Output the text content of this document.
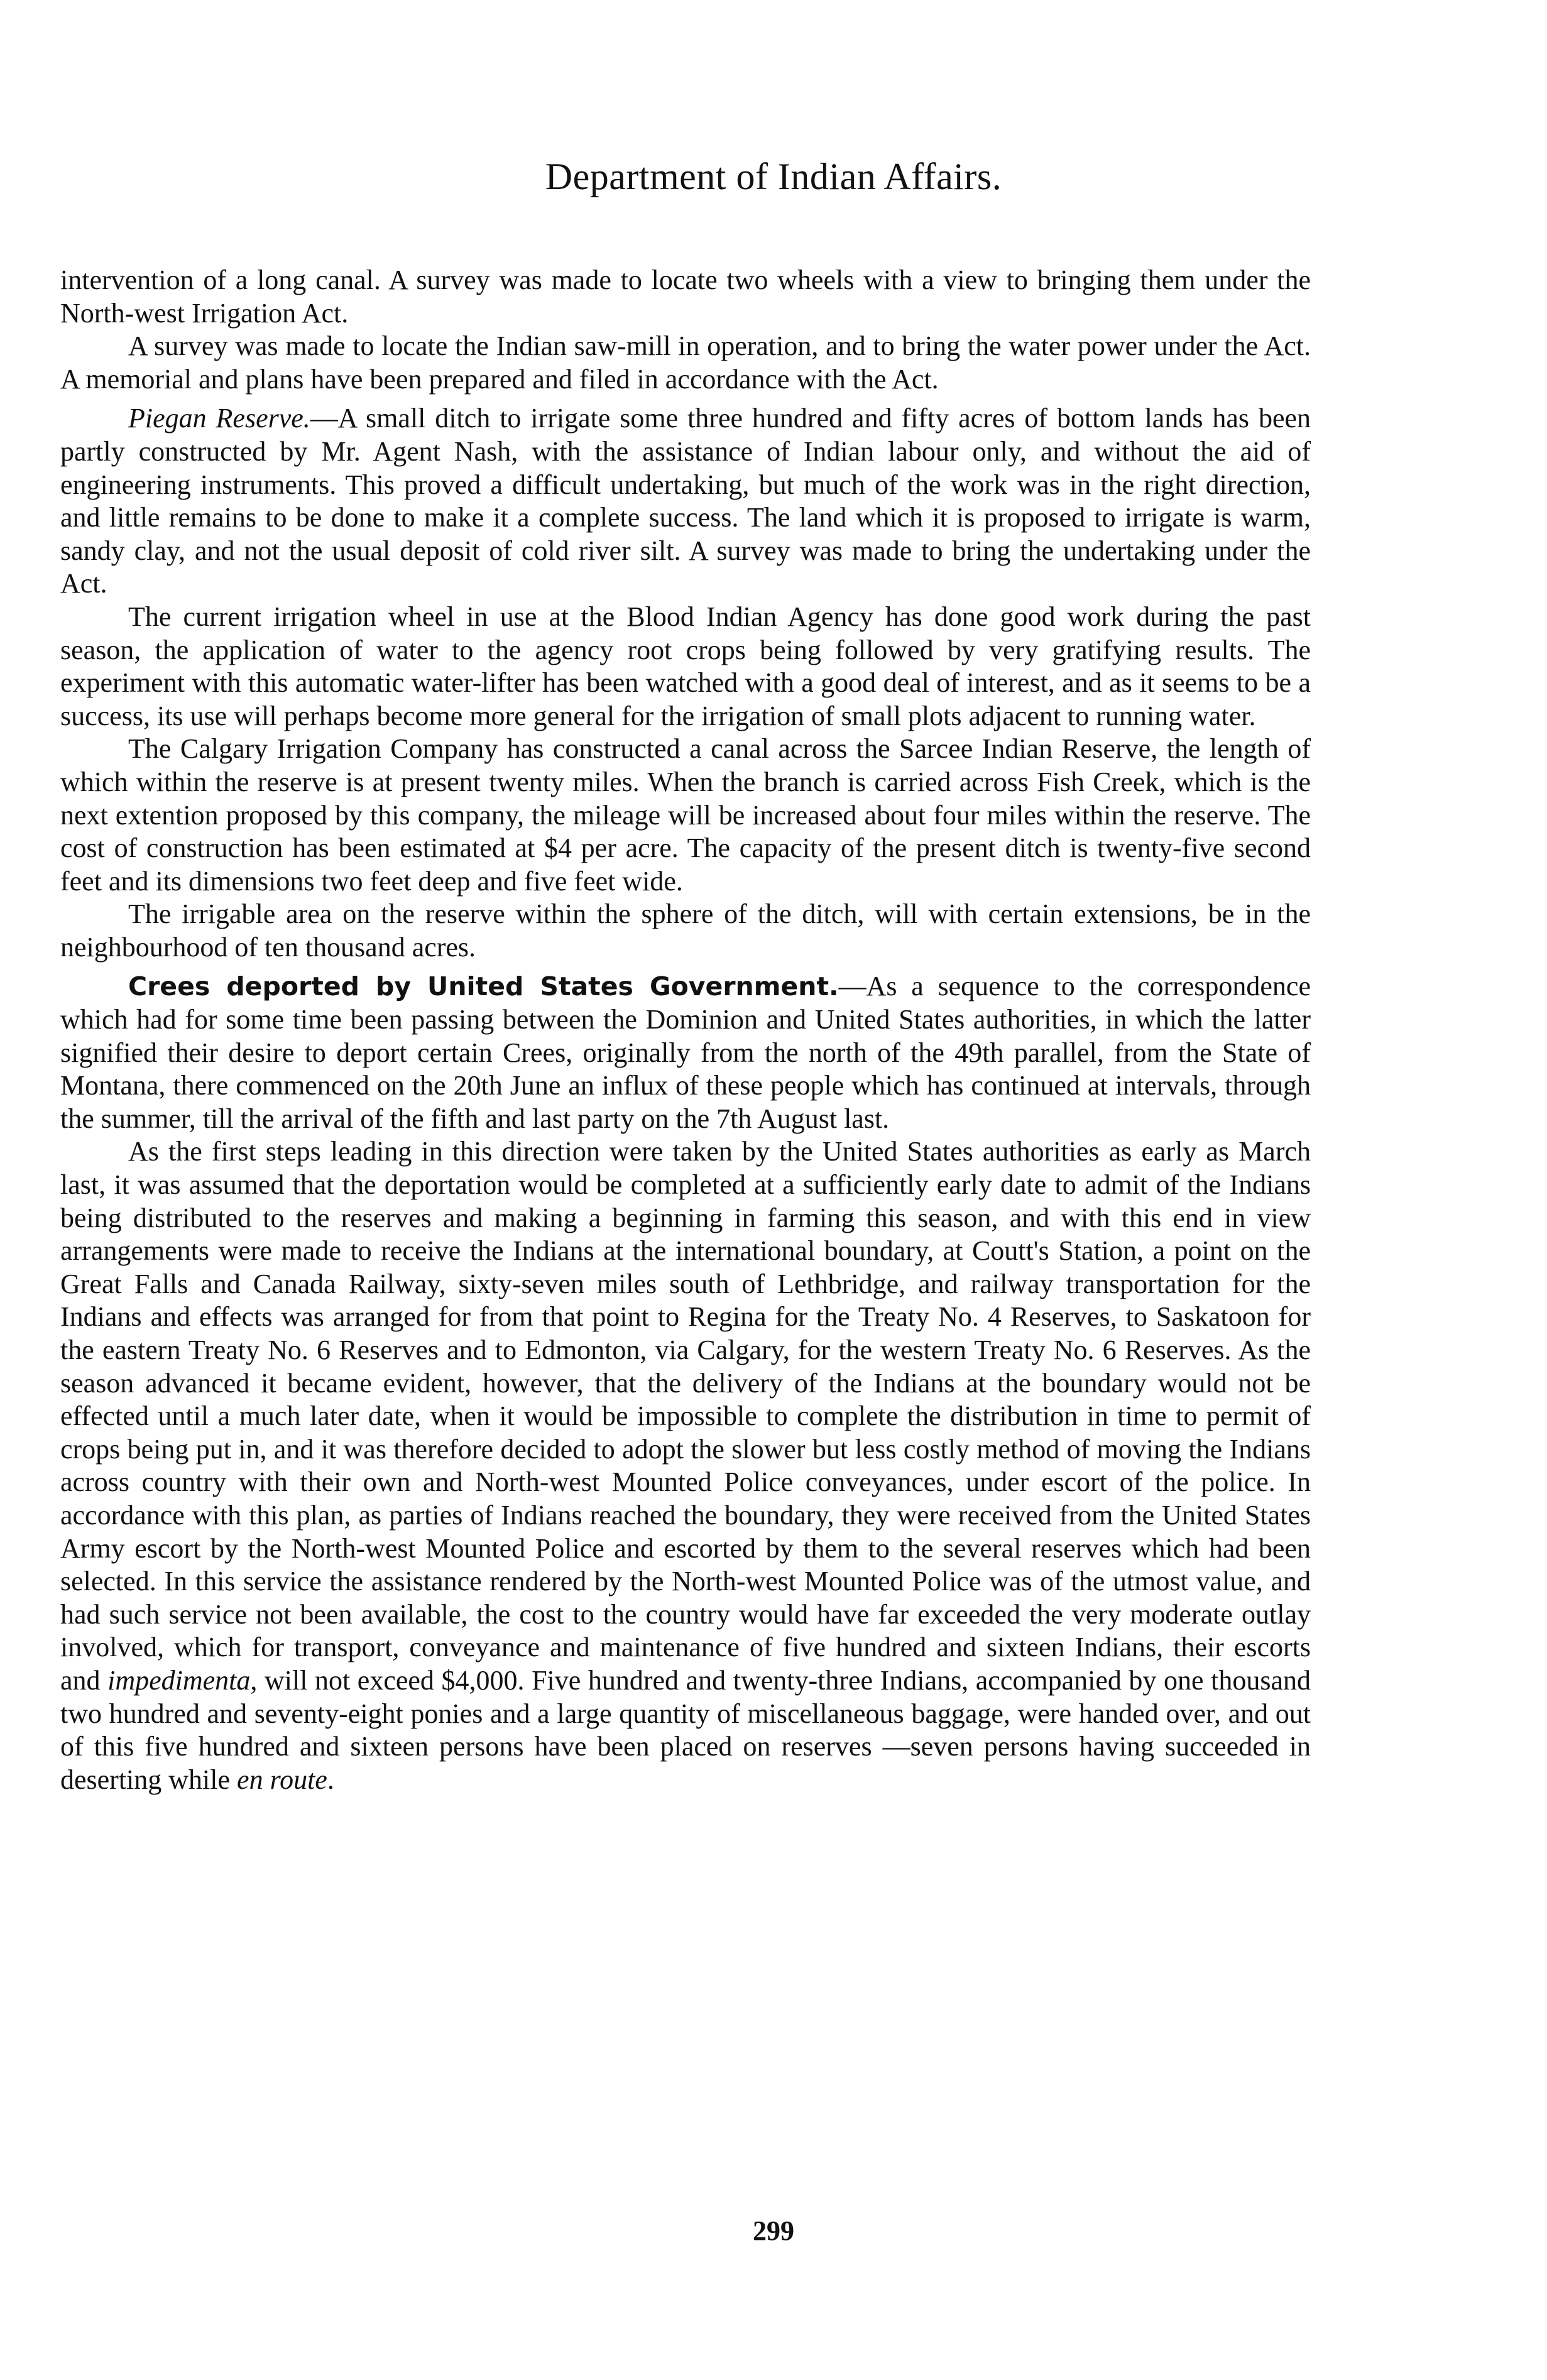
Department of Indian Affairs.

intervention of a long canal. A survey was made to locate two wheels with a view to bringing them under the North-west Irrigation Act.

A survey was made to locate the Indian saw-mill in operation, and to bring the water power under the Act. A memorial and plans have been prepared and filed in accordance with the Act.

Piegan Reserve.—A small ditch to irrigate some three hundred and fifty acres of bottom lands has been partly constructed by Mr. Agent Nash, with the assistance of Indian labour only, and without the aid of engineering instruments. This proved a difficult undertaking, but much of the work was in the right direction, and little remains to be done to make it a complete success. The land which it is proposed to irrigate is warm, sandy clay, and not the usual deposit of cold river silt. A survey was made to bring the undertaking under the Act.

The current irrigation wheel in use at the Blood Indian Agency has done good work during the past season, the application of water to the agency root crops being followed by very gratifying results. The experiment with this automatic water-lifter has been watched with a good deal of interest, and as it seems to be a success, its use will perhaps become more general for the irrigation of small plots adjacent to running water.

The Calgary Irrigation Company has constructed a canal across the Sarcee Indian Reserve, the length of which within the reserve is at present twenty miles. When the branch is carried across Fish Creek, which is the next extention proposed by this company, the mileage will be increased about four miles within the reserve. The cost of construction has been estimated at $4 per acre. The capacity of the present ditch is twenty-five second feet and its dimensions two feet deep and five feet wide.

The irrigable area on the reserve within the sphere of the ditch, will with certain extensions, be in the neighbourhood of ten thousand acres.

Crees deported by United States Government.—As a sequence to the correspondence which had for some time been passing between the Dominion and United States authorities, in which the latter signified their desire to deport certain Crees, originally from the north of the 49th parallel, from the State of Montana, there commenced on the 20th June an influx of these people which has continued at intervals, through the summer, till the arrival of the fifth and last party on the 7th August last.

As the first steps leading in this direction were taken by the United States authorities as early as March last, it was assumed that the deportation would be completed at a sufficiently early date to admit of the Indians being distributed to the reserves and making a beginning in farming this season, and with this end in view arrangements were made to receive the Indians at the international boundary, at Coutt's Station, a point on the Great Falls and Canada Railway, sixty-seven miles south of Lethbridge, and railway transportation for the Indians and effects was arranged for from that point to Regina for the Treaty No. 4 Reserves, to Saskatoon for the eastern Treaty No. 6 Reserves and to Edmonton, via Calgary, for the western Treaty No. 6 Reserves. As the season advanced it became evident, however, that the delivery of the Indians at the boundary would not be effected until a much later date, when it would be impossible to complete the distribution in time to permit of crops being put in, and it was therefore decided to adopt the slower but less costly method of moving the Indians across country with their own and North-west Mounted Police conveyances, under escort of the police. In accordance with this plan, as parties of Indians reached the boundary, they were received from the United States Army escort by the North-west Mounted Police and escorted by them to the several reserves which had been selected. In this service the assistance rendered by the North-west Mounted Police was of the utmost value, and had such service not been available, the cost to the country would have far exceeded the very moderate outlay involved, which for transport, conveyance and maintenance of five hundred and sixteen Indians, their escorts and impedimenta, will not exceed $4,000. Five hundred and twenty-three Indians, accompanied by one thousand two hundred and seventy-eight ponies and a large quantity of miscellaneous baggage, were handed over, and out of this five hundred and sixteen persons have been placed on reserves —seven persons having succeeded in deserting while en route.

299
